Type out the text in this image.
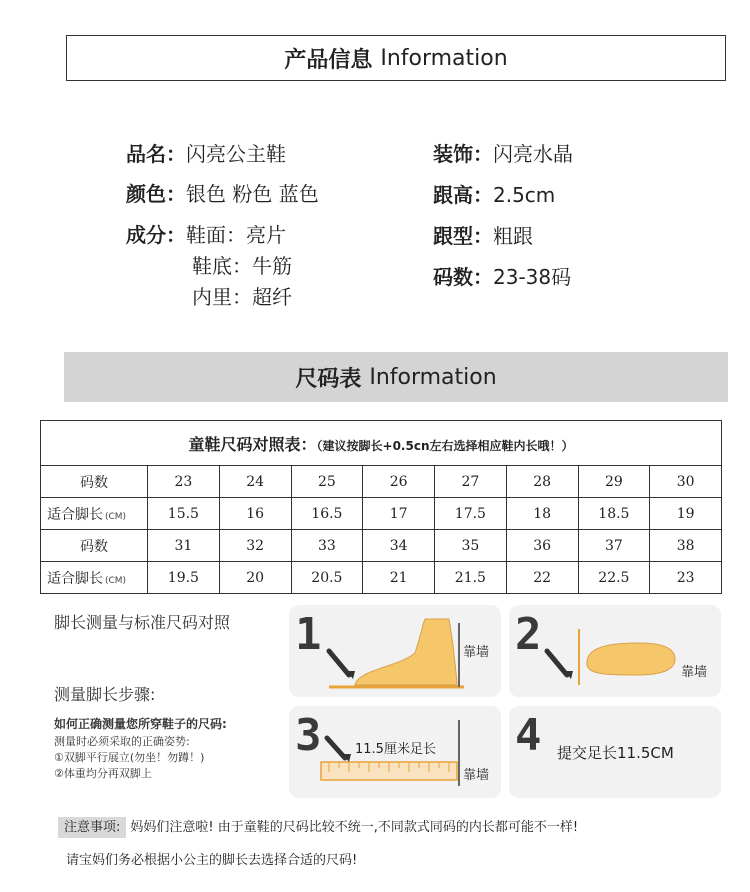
产品信息 Information
品名：闪亮公主鞋
颜色：银色 粉色 蓝色
成分：鞋面：亮片
鞋底：牛筋
内里：超纤
装饰：闪亮水晶
跟高：2.5cm
跟型：粗跟
码数：23-38码
尺码表 Information
童鞋尺码对照表：（建议按脚长+0.5cn左右选择相应鞋内长哦！）								
码数	23	24	25	26	27	28	29	30
适合脚长 (CM)	15.5	16	16.5	17	17.5	18	18.5	19
码数	31	32	33	34	35	36	37	38
适合脚长 (CM)	19.5	20	20.5	21	21.5	22	22.5	23
脚长测量与标准尺码对照
测量脚长步骤:
如何正确测量您所穿鞋子的尺码:
测量时必须采取的正确姿势:
①双脚平行展立(勿坐！勿蹲！)
②体重均分再双脚上
1	靠墙 2
靠墙
3	11.5厘米足长
靠墙
4 提交足长11.5CM
注意事项: 妈妈们注意啦! 由于童鞋的尺码比较不统一,不同款式同码的内长都可能不一样!
请宝妈们务必根据小公主的脚长去选择合适的尺码!
